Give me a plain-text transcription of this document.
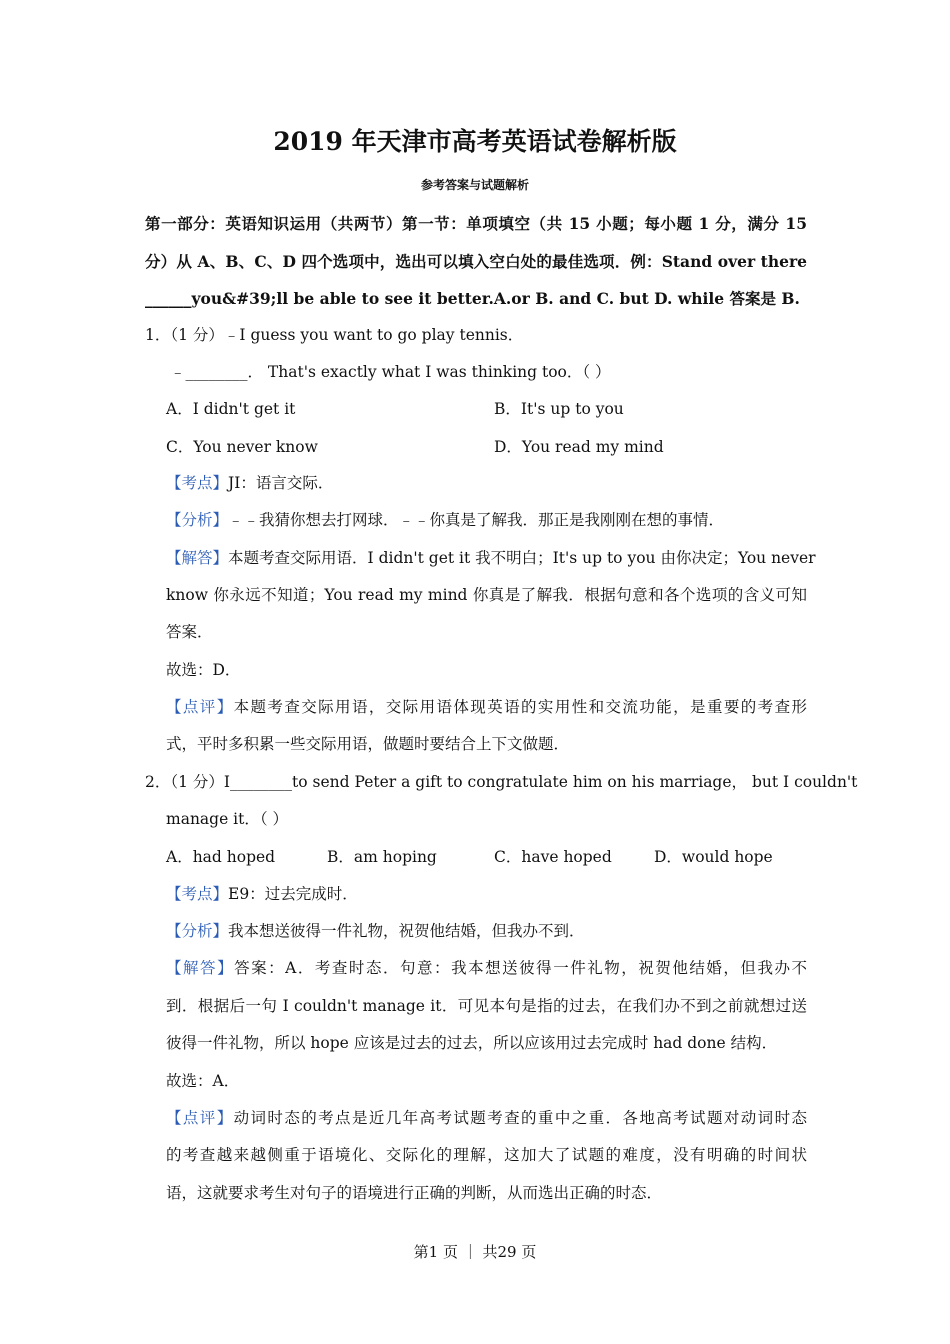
2019 年天津市高考英语试卷解析版
参考答案与试题解析
第一部分：英语知识运用（共两节）第一节：单项填空（共 15 小题；每小题 1 分，满分 15
分）从 A、B、C、D 四个选项中，选出可以填入空白处的最佳选项．例：Stand over there
______you&#39;ll be able to see it better.A.or B. and C. but D. while 答案是 B.
1．（1 分）﹣I guess you want to go play tennis．
﹣________． That's exactly what I was thinking too．（ ）
A．I didn't get it	B．It's up to you
C．You never know	D．You read my mind
【考点】JI：语言交际．
【分析】﹣﹣我猜你想去打网球．﹣﹣你真是了解我．那正是我刚刚在想的事情．
【解答】本题考查交际用语．I didn't get it 我不明白；It's up to you 由你决定；You never
know 你永远不知道；You read my mind 你真是了解我．根据句意和各个选项的含义可知
答案．
故选：D．
【点评】本题考查交际用语，交际用语体现英语的实用性和交流功能，是重要的考查形
式，平时多积累一些交际用语，做题时要结合上下文做题．
2．（1 分）I________to send Peter a gift to congratulate him on his marriage， but I couldn't
manage it．（ ）
A．had hoped	B．am hoping	C．have hoped	D．would hope
【考点】E9：过去完成时．
【分析】我本想送彼得一件礼物，祝贺他结婚，但我办不到．
【解答】答案：A．考查时态．句意：我本想送彼得一件礼物，祝贺他结婚，但我办不
到．根据后一句 I couldn't manage it．可见本句是指的过去，在我们办不到之前就想过送
彼得一件礼物，所以 hope 应该是过去的过去，所以应该用过去完成时 had done 结构．
故选：A．
【点评】动词时态的考点是近几年高考试题考查的重中之重．各地高考试题对动词时态
的考查越来越侧重于语境化、交际化的理解，这加大了试题的难度，没有明确的时间状
语，这就要求考生对句子的语境进行正确的判断，从而选出正确的时态．
第1 页 ｜ 共29 页
